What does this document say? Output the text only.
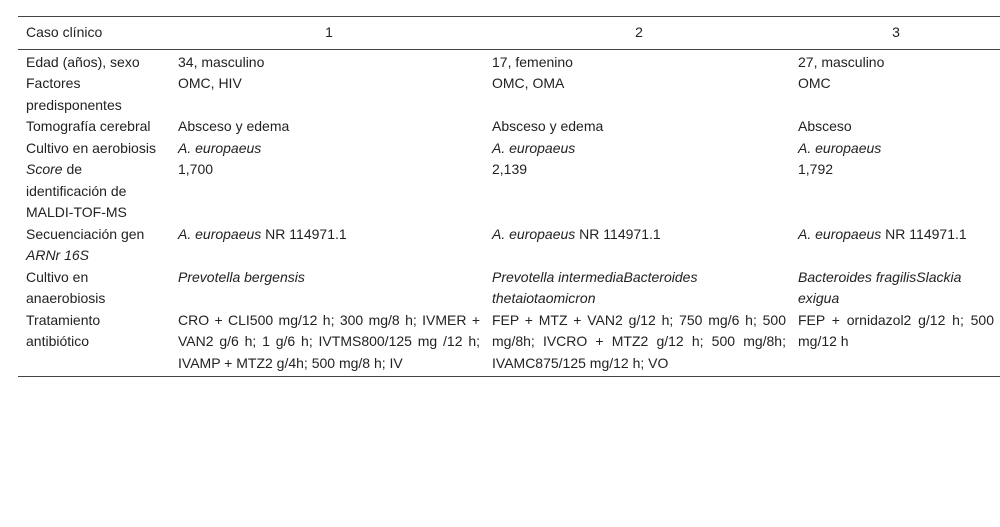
Caso clínico	1	2	3
Edad (años), sexo	34, masculino	17, femenino	27, masculino
Factores predisponentes	OMC, HIV	OMC, OMA	OMC
Tomografía cerebral	Absceso y edema	Absceso y edema	Absceso
Cultivo en aerobiosis	A. europaeus	A. europaeus	A. europaeus
Score de identificación de MALDI-TOF-MS	1,700	2,139	1,792
Secuenciación gen ARNr 16S	A. europaeus NR 114971.1	A. europaeus NR 114971.1	A. europaeus NR 114971.1
Cultivo en anaerobiosis	Prevotella bergensis	Prevotella intermediaBacteroides thetaiotaomicron	Bacteroides fragilisSlackia exigua
Tratamiento antibiótico	CRO + CLI500 mg/12 h; 300 mg/8 h; IVMER + VAN2 g/6 h; 1 g/6 h; IVTMS800/125 mg /12 h; IVAMP + MTZ2 g/4h; 500 mg/8 h; IV	FEP + MTZ + VAN2 g/12 h; 750 mg/6 h; 500 mg/8h; IVCRO + MTZ2 g/12 h; 500 mg/8h; IVAMC875/125 mg/12 h; VO	FEP + ornidazol2 g/12 h; 500 mg/12 h
